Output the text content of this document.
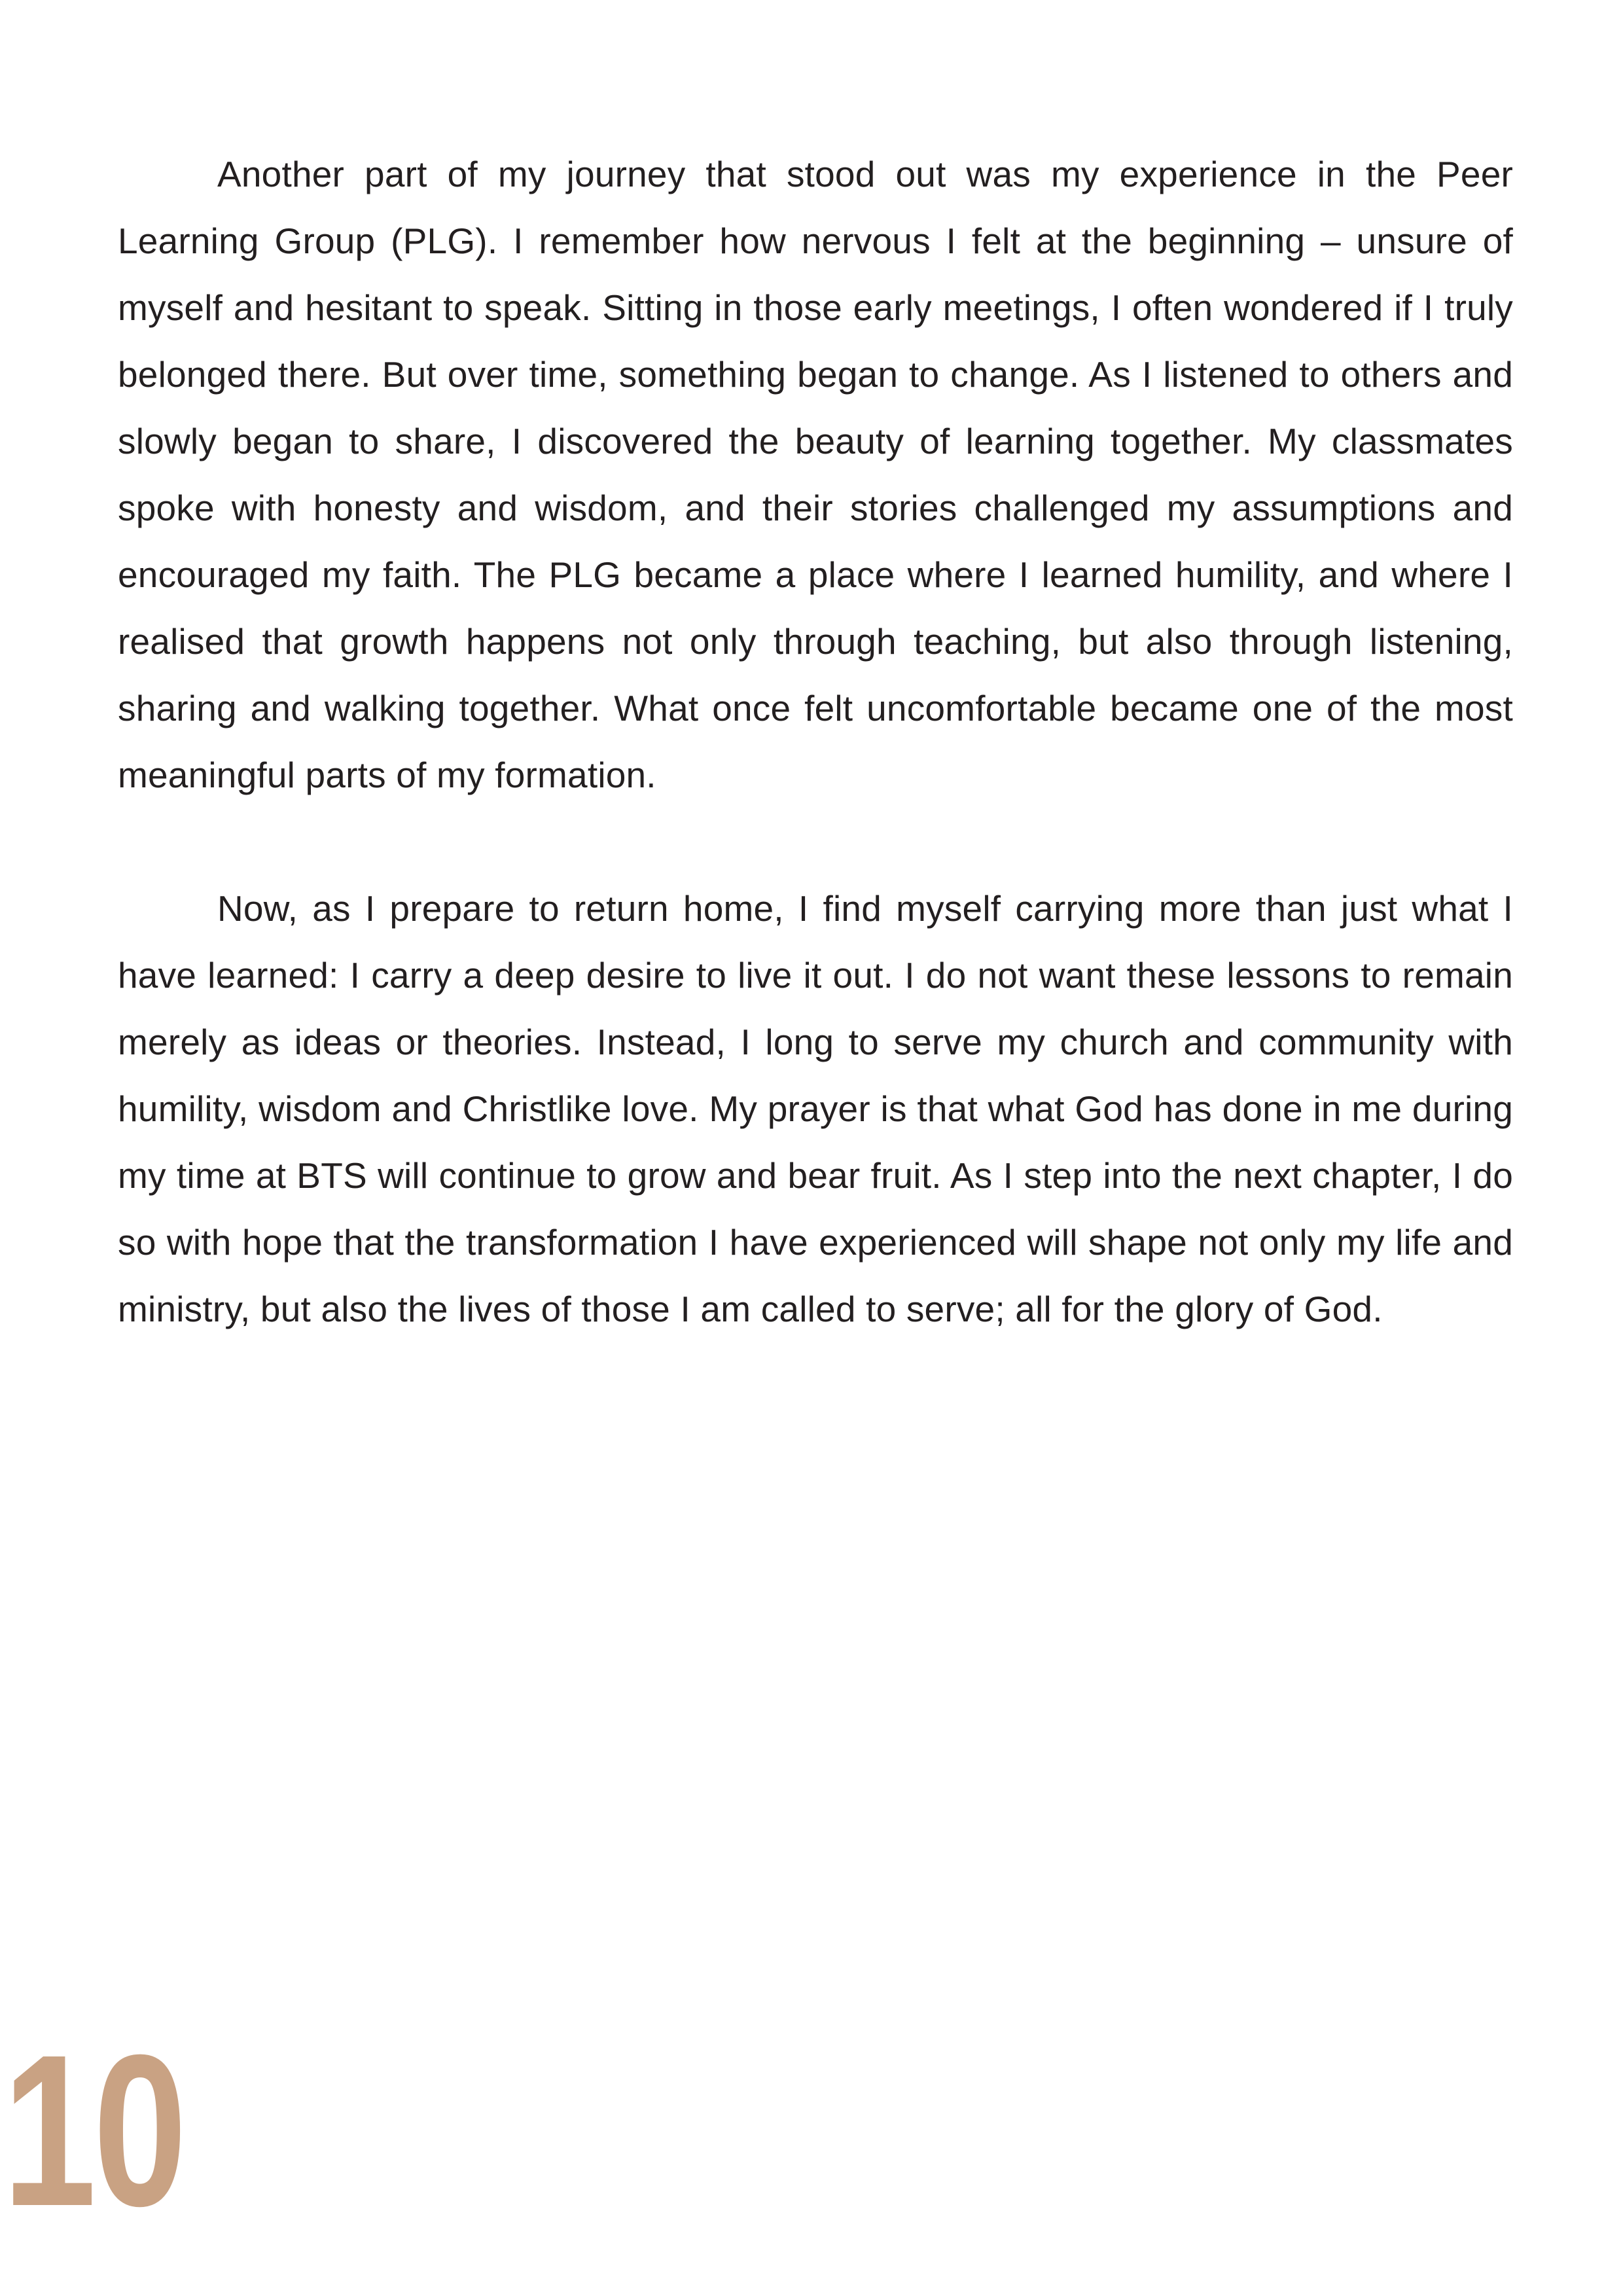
Another part of my journey that stood out was my experience in the Peer Learning Group (PLG). I remember how nervous I felt at the beginning – unsure of myself and hesitant to speak. Sitting in those early meetings, I often wondered if I truly belonged there. But over time, something began to change. As I listened to others and slowly began to share, I discovered the beauty of learning together. My classmates spoke with honesty and wisdom, and their stories challenged my assumptions and encouraged my faith. The PLG became a place where I learned humility, and where I realised that growth happens not only through teaching, but also through listening, sharing and walking together. What once felt uncomfortable became one of the most meaningful parts of my formation.

Now, as I prepare to return home, I find myself carrying more than just what I have learned: I carry a deep desire to live it out. I do not want these lessons to remain merely as ideas or theories. Instead, I long to serve my church and community with humility, wisdom and Christlike love. My prayer is that what God has done in me during my time at BTS will continue to grow and bear fruit. As I step into the next chapter, I do so with hope that the transformation I have experienced will shape not only my life and ministry, but also the lives of those I am called to serve; all for the glory of God.

10
